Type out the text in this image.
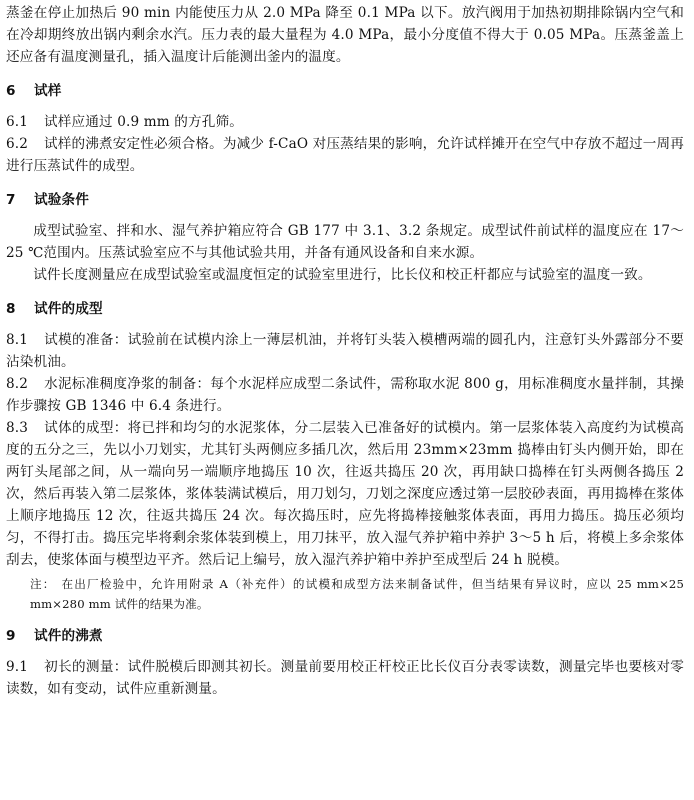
蒸釜在停止加热后 90 min 内能使压力从 2.0 MPa 降至 0.1 MPa 以下。放汽阀用于加热初期排除锅内空气和在冷却期终放出锅内剩余水汽。压力表的最大量程为 4.0 MPa，最小分度值不得大于 0.05 MPa。压蒸釜盖上还应备有温度测量孔，插入温度计后能测出釜内的温度。

6 试样

6.1 试样应通过 0.9 mm 的方孔筛。

6.2 试样的沸煮安定性必须合格。为减少 f-CaO 对压蒸结果的影响，允许试样摊开在空气中存放不超过一周再进行压蒸试件的成型。

7 试验条件

成型试验室、拌和水、湿气养护箱应符合 GB 177 中 3.1、3.2 条规定。成型试件前试样的温度应在 17～25 ℃范围内。压蒸试验室应不与其他试验共用，并备有通风设备和自来水源。

试件长度测量应在成型试验室或温度恒定的试验室里进行，比长仪和校正杆都应与试验室的温度一致。

8 试件的成型

8.1 试模的准备：试验前在试模内涂上一薄层机油，并将钉头装入模槽两端的圆孔内，注意钉头外露部分不要沾染机油。

8.2 水泥标准稠度净浆的制备：每个水泥样应成型二条试件，需称取水泥 800 g，用标准稠度水量拌制，其操作步骤按 GB 1346 中 6.4 条进行。

8.3 试体的成型：将已拌和均匀的水泥浆体，分二层装入已准备好的试模内。第一层浆体装入高度约为试模高度的五分之三，先以小刀划实，尤其钉头两侧应多插几次，然后用 23mm×23mm 捣棒由钉头内侧开始，即在两钉头尾部之间，从一端向另一端顺序地捣压 10 次，往返共捣压 20 次，再用缺口捣棒在钉头两侧各捣压 2 次，然后再装入第二层浆体，浆体装满试模后，用刀划匀，刀划之深度应透过第一层胶砂表面，再用捣棒在浆体上顺序地捣压 12 次，往返共捣压 24 次。每次捣压时，应先将捣棒接触浆体表面，再用力捣压。捣压必须均匀，不得打击。捣压完毕将剩余浆体装到模上，用刀抹平，放入湿气养护箱中养护 3～5 h 后，将模上多余浆体刮去，使浆体面与模型边平齐。然后记上编号，放入湿汽养护箱中养护至成型后 24 h 脱模。

注： 在出厂检验中，允许用附录 A（补充件）的试模和成型方法来制备试件，但当结果有异议时，应以 25 mm×25 mm×280 mm 试件的结果为准。

9 试件的沸煮

9.1 初长的测量：试件脱模后即测其初长。测量前要用校正杆校正比长仪百分表零读数，测量完毕也要核对零读数，如有变动，试件应重新测量。
